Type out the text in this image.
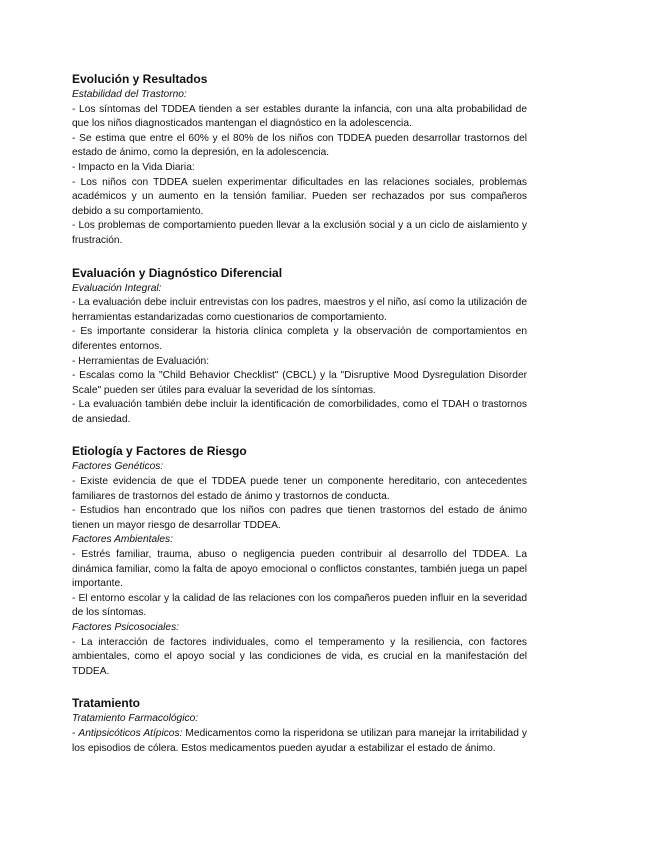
Evolución y Resultados
Estabilidad del Trastorno:
- Los síntomas del TDDEA tienden a ser estables durante la infancia, con una alta probabilidad de que los niños diagnosticados mantengan el diagnóstico en la adolescencia.
- Se estima que entre el 60% y el 80% de los niños con TDDEA pueden desarrollar trastornos del estado de ánimo, como la depresión, en la adolescencia.
- Impacto en la Vida Diaria:
- Los niños con TDDEA suelen experimentar dificultades en las relaciones sociales, problemas académicos y un aumento en la tensión familiar. Pueden ser rechazados por sus compañeros debido a su comportamiento.
- Los problemas de comportamiento pueden llevar a la exclusión social y a un ciclo de aislamiento y frustración.
Evaluación y Diagnóstico Diferencial
Evaluación Integral:
- La evaluación debe incluir entrevistas con los padres, maestros y el niño, así como la utilización de herramientas estandarizadas como cuestionarios de comportamiento.
- Es importante considerar la historia clínica completa y la observación de comportamientos en diferentes entornos.
- Herramientas de Evaluación:
- Escalas como la "Child Behavior Checklist" (CBCL) y la "Disruptive Mood Dysregulation Disorder Scale" pueden ser útiles para evaluar la severidad de los síntomas.
- La evaluación también debe incluir la identificación de comorbilidades, como el TDAH o trastornos de ansiedad.
Etiología y Factores de Riesgo
Factores Genéticos:
- Existe evidencia de que el TDDEA puede tener un componente hereditario, con antecedentes familiares de trastornos del estado de ánimo y trastornos de conducta.
- Estudios han encontrado que los niños con padres que tienen trastornos del estado de ánimo tienen un mayor riesgo de desarrollar TDDEA.
Factores Ambientales:
- Estrés familiar, trauma, abuso o negligencia pueden contribuir al desarrollo del TDDEA. La dinámica familiar, como la falta de apoyo emocional o conflictos constantes, también juega un papel importante.
- El entorno escolar y la calidad de las relaciones con los compañeros pueden influir en la severidad de los síntomas.
Factores Psicosociales:
- La interacción de factores individuales, como el temperamento y la resiliencia, con factores ambientales, como el apoyo social y las condiciones de vida, es crucial en la manifestación del TDDEA.
Tratamiento
Tratamiento Farmacológico:
- Antipsicóticos Atípicos: Medicamentos como la risperidona se utilizan para manejar la irritabilidad y los episodios de cólera. Estos medicamentos pueden ayudar a estabilizar el estado de ánimo.
